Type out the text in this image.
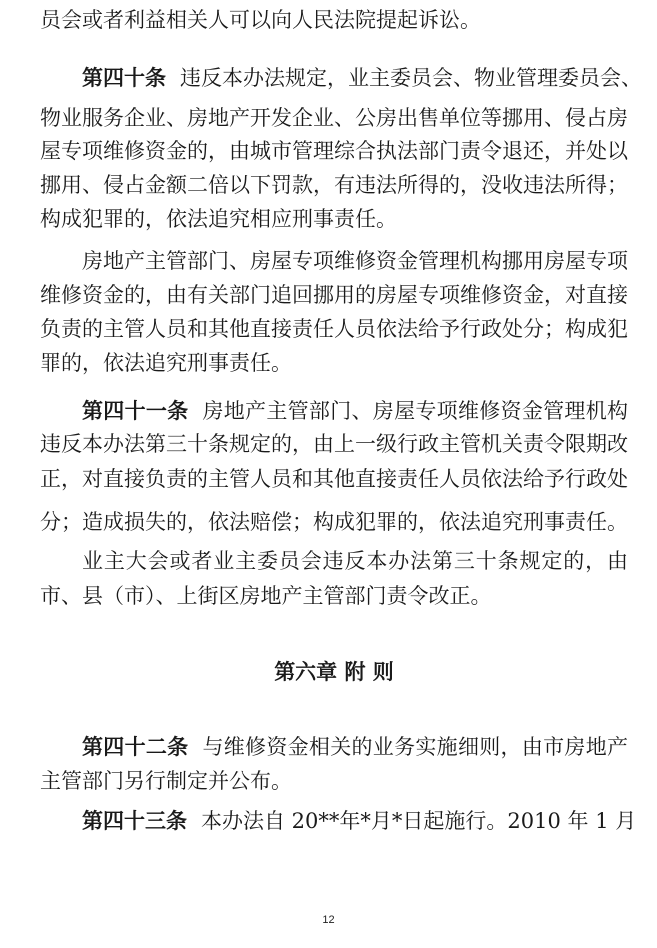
员会或者利益相关人可以向人民法院提起诉讼。
第四十条 违反本办法规定，业主委员会、物业管理委员会、
物业服务企业、房地产开发企业、公房出售单位等挪用、侵占房
屋专项维修资金的，由城市管理综合执法部门责令退还，并处以
挪用、侵占金额二倍以下罚款，有违法所得的，没收违法所得；
构成犯罪的，依法追究相应刑事责任。
房地产主管部门、房屋专项维修资金管理机构挪用房屋专项
维修资金的，由有关部门追回挪用的房屋专项维修资金，对直接
负责的主管人员和其他直接责任人员依法给予行政处分；构成犯
罪的，依法追究刑事责任。
第四十一条 房地产主管部门、房屋专项维修资金管理机构
违反本办法第三十条规定的，由上一级行政主管机关责令限期改
正，对直接负责的主管人员和其他直接责任人员依法给予行政处
分；造成损失的，依法赔偿；构成犯罪的，依法追究刑事责任。
业主大会或者业主委员会违反本办法第三十条规定的，由
市、县（市）、上街区房地产主管部门责令改正。
第六章 附 则
第四十二条 与维修资金相关的业务实施细则，由市房地产
主管部门另行制定并公布。
第四十三条 本办法自 20**年*月*日起施行。2010 年 1 月
12
